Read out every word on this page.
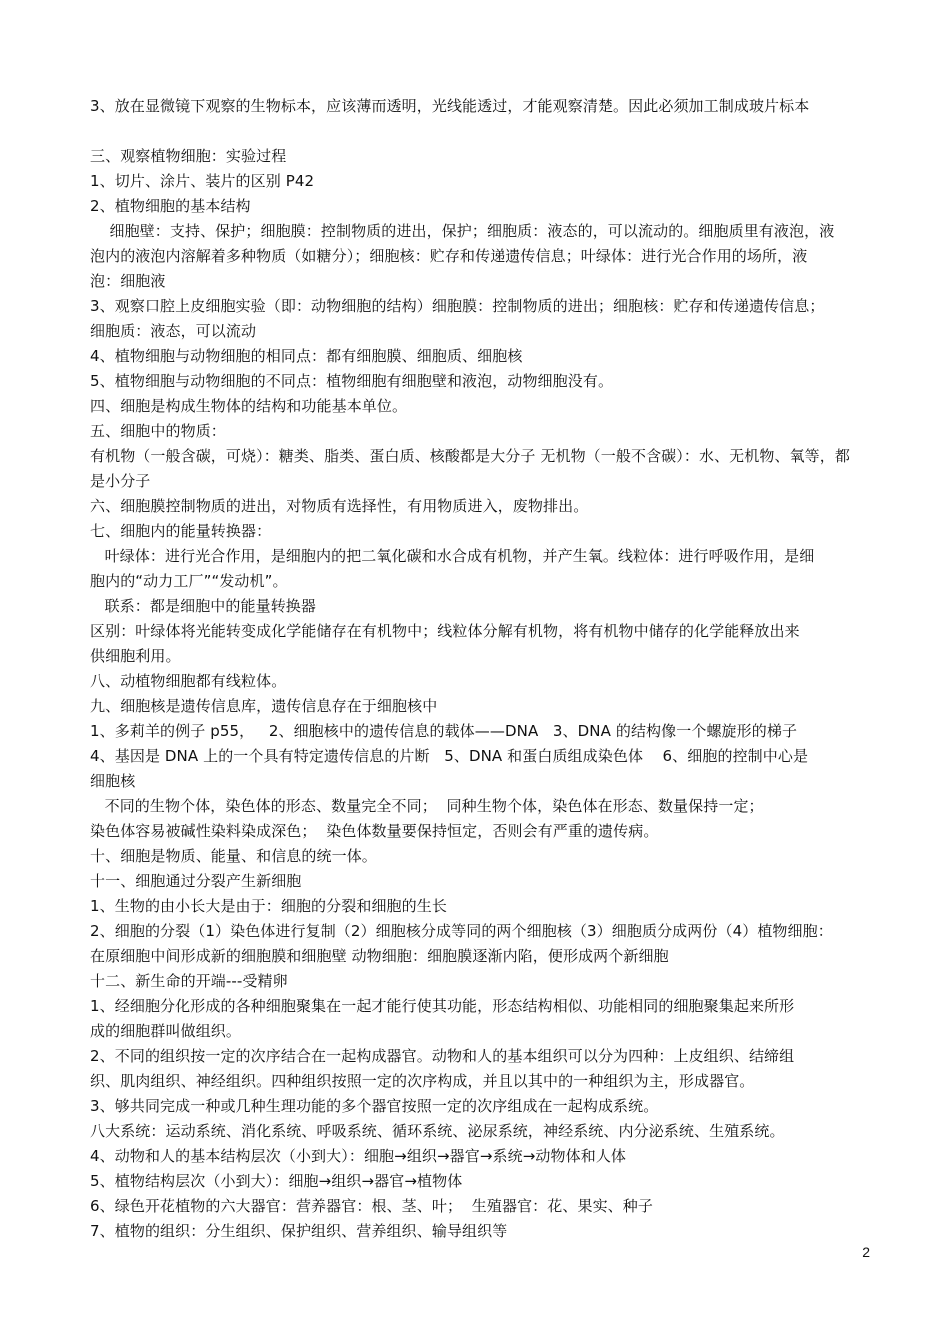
3、放在显微镜下观察的生物标本，应该薄而透明，光线能透过，才能观察清楚。因此必须加工制成玻片标本
三、观察植物细胞：实验过程
1、切片、涂片、装片的区别 P42
2、植物细胞的基本结构
细胞壁：支持、保护；细胞膜：控制物质的进出，保护；细胞质：液态的，可以流动的。细胞质里有液泡，液
泡内的液泡内溶解着多种物质（如糖分）；细胞核：贮存和传递遗传信息；叶绿体：进行光合作用的场所，液
泡：细胞液
3、观察口腔上皮细胞实验（即：动物细胞的结构）细胞膜：控制物质的进出；细胞核：贮存和传递遗传信息；
细胞质：液态，可以流动
4、植物细胞与动物细胞的相同点：都有细胞膜、细胞质、细胞核
5、植物细胞与动物细胞的不同点：植物细胞有细胞壁和液泡，动物细胞没有。
四、细胞是构成生物体的结构和功能基本单位。
五、细胞中的物质：
有机物（一般含碳，可烧）：糖类、脂类、蛋白质、核酸都是大分子 无机物（一般不含碳）：水、无机物、氧等，都
是小分子
六、细胞膜控制物质的进出，对物质有选择性，有用物质进入，废物排出。
七、细胞内的能量转换器：
叶绿体：进行光合作用，是细胞内的把二氧化碳和水合成有机物，并产生氧。线粒体：进行呼吸作用，是细
胞内的“动力工厂”“发动机”。
联系：都是细胞中的能量转换器
区别：叶绿体将光能转变成化学能储存在有机物中；线粒体分解有机物，将有机物中储存的化学能释放出来
供细胞利用。
八、动植物细胞都有线粒体。
九、细胞核是遗传信息库，遗传信息存在于细胞核中
1、多莉羊的例子 p55，   2、细胞核中的遗传信息的载体——DNA   3、DNA 的结构像一个螺旋形的梯子
4、基因是 DNA 上的一个具有特定遗传信息的片断   5、DNA 和蛋白质组成染色体    6、细胞的控制中心是
细胞核
不同的生物个体，染色体的形态、数量完全不同；  同种生物个体，染色体在形态、数量保持一定；
染色体容易被碱性染料染成深色；  染色体数量要保持恒定，否则会有严重的遗传病。
十、细胞是物质、能量、和信息的统一体。
十一、细胞通过分裂产生新细胞
1、生物的由小长大是由于：细胞的分裂和细胞的生长
2、细胞的分裂（1）染色体进行复制（2）细胞核分成等同的两个细胞核（3）细胞质分成两份（4）植物细胞：
在原细胞中间形成新的细胞膜和细胞壁 动物细胞：细胞膜逐渐内陷，便形成两个新细胞
十二、新生命的开端---受精卵
1、经细胞分化形成的各种细胞聚集在一起才能行使其功能，形态结构相似、功能相同的细胞聚集起来所形
成的细胞群叫做组织。
2、不同的组织按一定的次序结合在一起构成器官。动物和人的基本组织可以分为四种：上皮组织、结缔组
织、肌肉组织、神经组织。四种组织按照一定的次序构成，并且以其中的一种组织为主，形成器官。
3、够共同完成一种或几种生理功能的多个器官按照一定的次序组成在一起构成系统。
八大系统：运动系统、消化系统、呼吸系统、循环系统、泌尿系统，神经系统、内分泌系统、生殖系统。
4、动物和人的基本结构层次（小到大）：细胞→组织→器官→系统→动物体和人体
5、植物结构层次（小到大）：细胞→组织→器官→植物体
6、绿色开花植物的六大器官：营养器官：根、茎、叶；  生殖器官：花、果实、种子
7、植物的组织：分生组织、保护组织、营养组织、输导组织等
2
